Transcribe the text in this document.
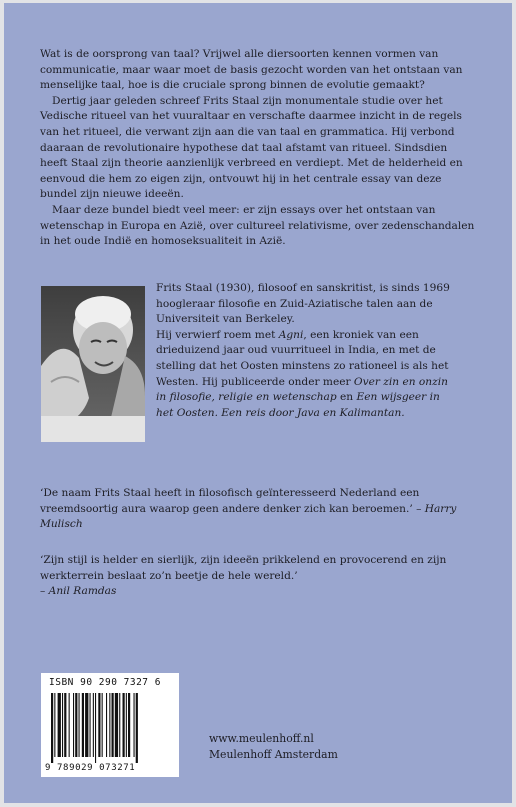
Wat is de oorsprong van taal? Vrijwel alle diersoorten kennen vormen van communicatie, maar waar moet de basis gezocht worden van het ontstaan van menselijke taal, hoe is die cruciale sprong binnen de evolutie gemaakt?

Dertig jaar geleden schreef Frits Staal zijn monumentale studie over het Vedische ritueel van het vuuraltaar en verschafte daarmee inzicht in de regels van het ritueel, die verwant zijn aan die van taal en grammatica. Hij verbond daaraan de revolutionaire hypothese dat taal afstamt van ritueel. Sindsdien heeft Staal zijn theorie aanzienlijk verbreed en verdiept. Met de helderheid en eenvoud die hem zo eigen zijn, ontvouwt hij in het centrale essay van deze bundel zijn nieuwe ideeën.

Maar deze bundel biedt veel meer: er zijn essays over het ontstaan van wetenschap in Europa en Azië, over cultureel relativisme, over zedenschandalen in het oude Indië en homoseksualiteit in Azië.

Frits Staal (1930), filosoof en sanskritist, is sinds 1969 hoogleraar filosofie en Zuid-Aziatische talen aan de Universiteit van Berkeley.
Hij verwierf roem met Agni, een kroniek van een drieduizend jaar oud vuurritueel in India, en met de stelling dat het Oosten minstens zo rationeel is als het Westen. Hij publiceerde onder meer Over zin en onzin in filosofie, religie en wetenschap en Een wijsgeer in het Oosten. Een reis door Java en Kalimantan.
‘De naam Frits Staal heeft in filosofisch geïnteresseerd Nederland een vreemdsoortig aura waarop geen andere denker zich kan beroemen.’ – Harry Mulisch
‘Zijn stijl is helder en sierlijk, zijn ideeën prikkelend en provocerend en zijn werkterrein beslaat zo’n beetje de hele wereld.’
– Anil Ramdas
ISBN 90 290 7327 6
9 789029 073271
www.meulenhoff.nl
Meulenhoff Amsterdam
